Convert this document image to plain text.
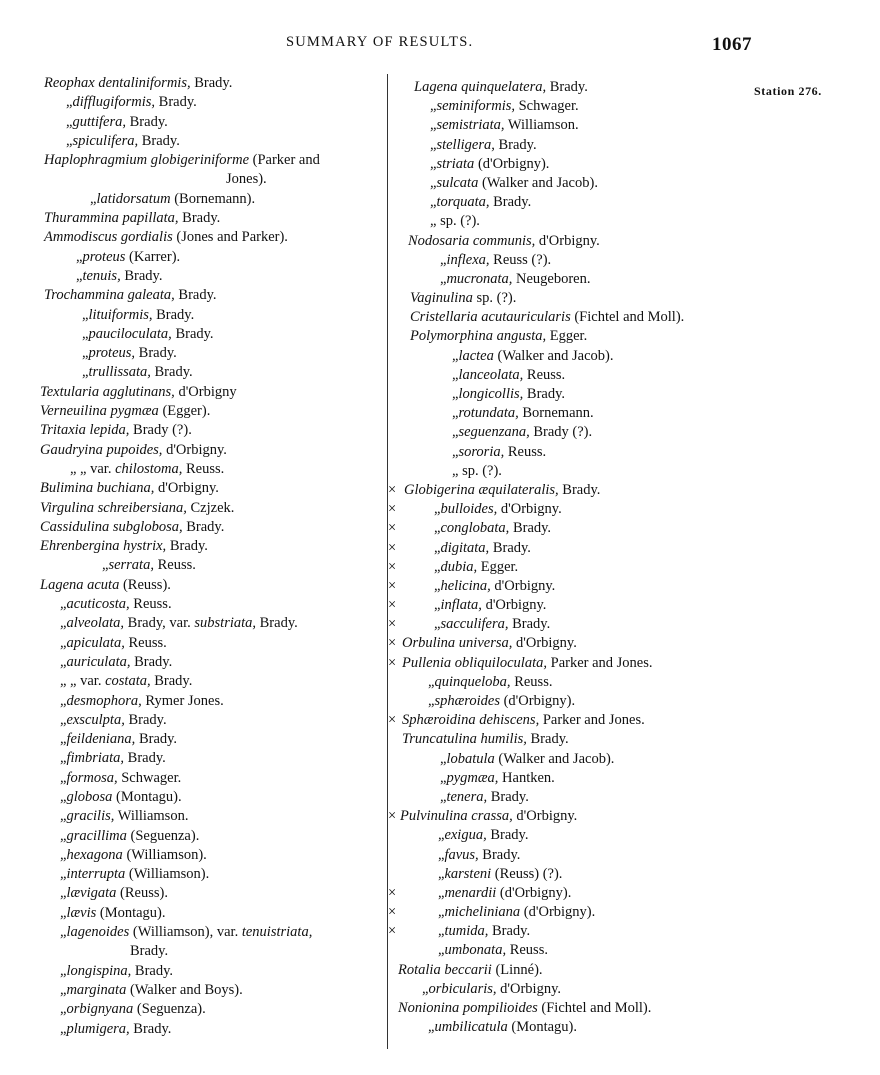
SUMMARY OF RESULTS.	1067
Station 276.
Reophax dentaliniformis, Brady.
„difflugiformis, Brady.
„guttifera, Brady.
„spiculifera, Brady.
Haplophragmium globigeriniforme (Parker and
Jones).
„latidorsatum (Bornemann).
Thurammina papillata, Brady.
Ammodiscus gordialis (Jones and Parker).
„proteus (Karrer).
„tenuis, Brady.
Trochammina galeata, Brady.
„lituiformis, Brady.
„pauciloculata, Brady.
„proteus, Brady.
„trullissata, Brady.
Textularia agglutinans, d'Orbigny
Verneuilina pygmæa (Egger).
Tritaxia lepida, Brady (?).
Gaudryina pupoides, d'Orbigny.
„ „ var. chilostoma, Reuss.
Bulimina buchiana, d'Orbigny.
Virgulina schreibersiana, Czjzek.
Cassidulina subglobosa, Brady.
Ehrenbergina hystrix, Brady.
„serrata, Reuss.
Lagena acuta (Reuss).
„acuticosta, Reuss.
„alveolata, Brady, var. substriata, Brady.
„apiculata, Reuss.
„auriculata, Brady.
„ „ var. costata, Brady.
„desmophora, Rymer Jones.
„exsculpta, Brady.
„feildeniana, Brady.
„fimbriata, Brady.
„formosa, Schwager.
„globosa (Montagu).
„gracilis, Williamson.
„gracillima (Seguenza).
„hexagona (Williamson).
„interrupta (Williamson).
„lævigata (Reuss).
„lævis (Montagu).
„lagenoides (Williamson), var. tenuistriata,
Brady.
„longispina, Brady.
„marginata (Walker and Boys).
„orbignyana (Seguenza).
„plumigera, Brady.
Lagena quinquelatera, Brady.
„seminiformis, Schwager.
„semistriata, Williamson.
„stelligera, Brady.
„striata (d'Orbigny).
„sulcata (Walker and Jacob).
„torquata, Brady.
„ sp. (?).
Nodosaria communis, d'Orbigny.
„inflexa, Reuss (?).
„mucronata, Neugeboren.
Vaginulina sp. (?).
Cristellaria acutauricularis (Fichtel and Moll).
Polymorphina angusta, Egger.
„lactea (Walker and Jacob).
„lanceolata, Reuss.
„longicollis, Brady.
„rotundata, Bornemann.
„seguenzana, Brady (?).
„sororia, Reuss.
„ sp. (?).
× Globigerina æquilateralis, Brady.
×	„bulloides, d'Orbigny.
×	„conglobata, Brady.
×	„digitata, Brady.
×	„dubia, Egger.
×	„helicina, d'Orbigny.
×	„inflata, d'Orbigny.
×	„sacculifera, Brady.
× Orbulina universa, d'Orbigny.
× Pullenia obliquiloculata, Parker and Jones.
„quinqueloba, Reuss.
„sphæroides (d'Orbigny).
× Sphæroidina dehiscens, Parker and Jones.
Truncatulina humilis, Brady.
„lobatula (Walker and Jacob).
„pygmæa, Hantken.
„tenera, Brady.
× Pulvinulina crassa, d'Orbigny.
„exigua, Brady.
„favus, Brady.
„karsteni (Reuss) (?).
×	„menardii (d'Orbigny).
×	„micheliniana (d'Orbigny).
×	„tumida, Brady.
„umbonata, Reuss.
Rotalia beccarii (Linné).
„orbicularis, d'Orbigny.
Nonionina pompilioides (Fichtel and Moll).
„umbilicatula (Montagu).
